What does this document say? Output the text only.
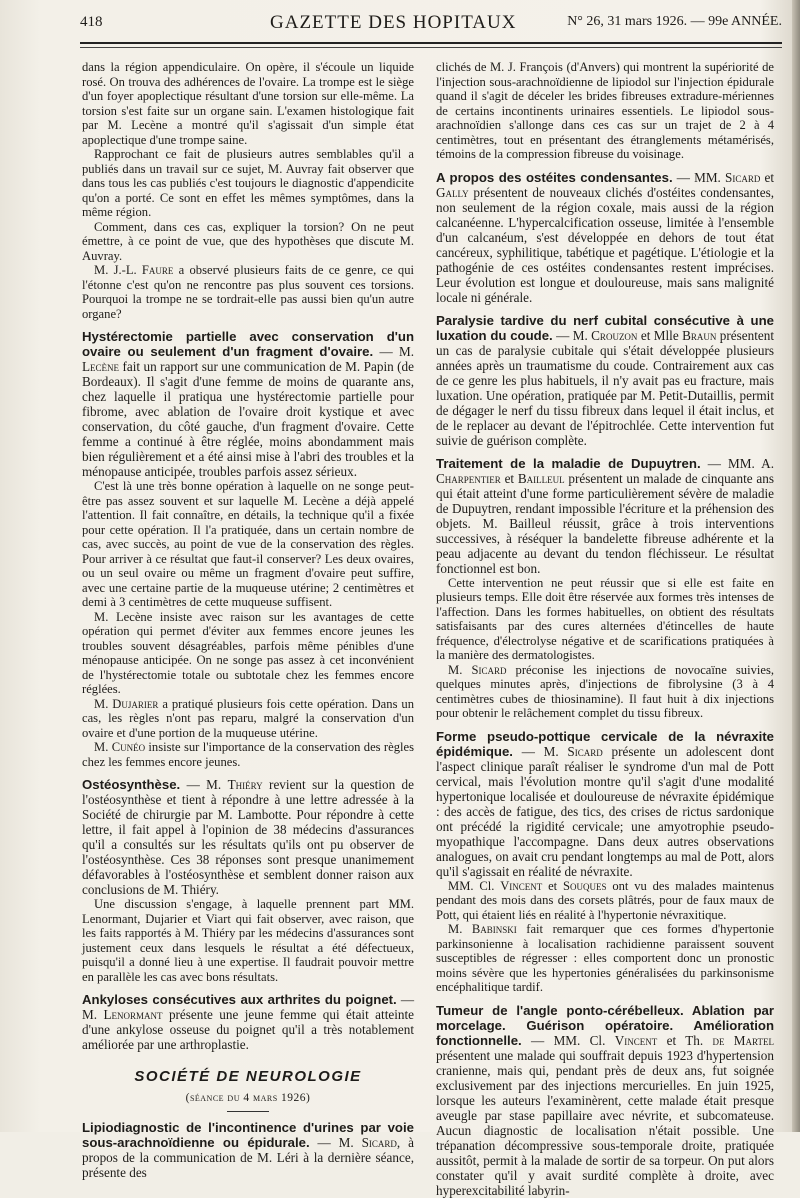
418	GAZETTE DES HOPITAUX	N° 26, 31 mars 1926. — 99e ANNÉE.

dans la région appendiculaire. On opère, il s'écoule un liquide rosé. On trouva des adhérences de l'ovaire. La trompe est le siège d'un foyer apoplectique résultant d'une torsion sur elle-même. La torsion s'est faite sur un organe sain. L'examen histologique fait par M. Lecène a montré qu'il s'agissait d'un simple état apoplectique d'une trompe saine.

Rapprochant ce fait de plusieurs autres semblables qu'il a publiés dans un travail sur ce sujet, M. Auvray fait observer que dans tous les cas publiés c'est toujours le diagnostic d'appendicite qu'on a porté. Ce sont en effet les mêmes symptômes, dans la même région.

Comment, dans ces cas, expliquer la torsion? On ne peut émettre, à ce point de vue, que des hypothèses que discute M. Auvray.

M. J.-L. Faure a observé plusieurs faits de ce genre, ce qui l'étonne c'est qu'on ne rencontre pas plus souvent ces torsions. Pourquoi la trompe ne se tordrait-elle pas aussi bien qu'un autre organe?

Hystérectomie partielle avec conservation d'un ovaire ou seulement d'un fragment d'ovaire. — M. Lecène fait un rapport sur une communication de M. Papin (de Bordeaux). Il s'agit d'une femme de moins de quarante ans, chez laquelle il pratiqua une hystérectomie partielle pour fibrome, avec ablation de l'ovaire droit kystique et avec conservation, du côté gauche, d'un fragment d'ovaire. Cette femme a continué à être réglée, moins abondamment mais bien régulièrement et a été ainsi mise à l'abri des troubles et la ménopause anticipée, troubles parfois assez sérieux.

C'est là une très bonne opération à laquelle on ne songe peut-être pas assez souvent et sur laquelle M. Lecène a déjà appelé l'attention. Il fait connaître, en détails, la technique qu'il a fixée pour cette opération. Il l'a pratiquée, dans un certain nombre de cas, avec succès, au point de vue de la conservation des règles. Pour arriver à ce résultat que faut-il conserver? Les deux ovaires, ou un seul ovaire ou même un fragment d'ovaire peut suffire, avec une certaine partie de la muqueuse utérine; 2 centimètres et demi à 3 centimètres de cette muqueuse suffisent.

M. Lecène insiste avec raison sur les avantages de cette opération qui permet d'éviter aux femmes encore jeunes les troubles souvent désagréables, parfois même pénibles d'une ménopause anticipée. On ne songe pas assez à cet inconvénient de l'hystérectomie totale ou subtotale chez les femmes encore réglées.

M. Dujarier a pratiqué plusieurs fois cette opération. Dans un cas, les règles n'ont pas reparu, malgré la conservation d'un ovaire et d'une portion de la muqueuse utérine.

M. Cunéo insiste sur l'importance de la conservation des règles chez les femmes encore jeunes.

Ostéosynthèse. — M. Thiéry revient sur la question de l'ostéosynthèse et tient à répondre à une lettre adressée à la Société de chirurgie par M. Lambotte. Pour répondre à cette lettre, il fait appel à l'opinion de 38 médecins d'assurances qu'il a consultés sur les résultats qu'ils ont pu observer de l'ostéosynthèse. Ces 38 réponses sont presque unanimement défavorables à l'ostéosynthèse et semblent donner raison aux conclusions de M. Thiéry.

Une discussion s'engage, à laquelle prennent part MM. Lenormant, Dujarier et Viart qui fait observer, avec raison, que les faits rapportés à M. Thiéry par les médecins d'assurances sont justement ceux dans lesquels le résultat a été défectueux, puisqu'il a donné lieu à une expertise. Il faudrait pouvoir mettre en parallèle les cas avec bons résultats.

Ankyloses consécutives aux arthrites du poignet. — M. Lenormant présente une jeune femme qui était atteinte d'une ankylose osseuse du poignet qu'il a très notablement améliorée par une arthroplastie.
SOCIÉTÉ DE NEUROLOGIE
(séance du 4 mars 1926)
Lipiodiagnostic de l'incontinence d'urines par voie sous-arachnoïdienne ou épidurale. — M. Sicard, à propos de la communication de M. Léri à la dernière séance, présente des

clichés de M. J. François (d'Anvers) qui montrent la supériorité de l'injection sous-arachnoïdienne de lipiodol sur l'injection épidurale quand il s'agit de déceler les brides fibreuses extradure-mériennes de certains incontinents urinaires essentiels. Le lipiodol sous-arachnoïdien s'allonge dans ces cas sur un trajet de 2 à 4 centimètres, tout en présentant des étranglements métamérisés, témoins de la compression fibreuse du voisinage.

A propos des ostéites condensantes. — MM. Sicard et Gally présentent de nouveaux clichés d'ostéites condensantes, non seulement de la région coxale, mais aussi de la région calcanéenne. L'hypercalcification osseuse, limitée à l'ensemble d'un calcanéum, s'est développée en dehors de tout état cancéreux, syphilitique, tabétique et pagétique. L'étiologie et la pathogénie de ces ostéites condensantes restent imprécises. Leur évolution est longue et douloureuse, mais sans malignité locale ni générale.
Paralysie tardive du nerf cubital consécutive à une luxation du coude. — M. Crouzon et Mlle Braun présentent un cas de paralysie cubitale qui s'était développée plusieurs années après un traumatisme du coude. Contrairement aux cas de ce genre les plus habituels, il n'y avait pas eu fracture, mais luxation. Une opération, pratiquée par M. Petit-Dutaillis, permit de dégager le nerf du tissu fibreux dans lequel il était inclus, et de le replacer au devant de l'épitrochlée. Cette intervention fut suivie de guérison complète.
Traitement de la maladie de Dupuytren. — MM. A. Charpentier et Bailleul présentent un malade de cinquante ans qui était atteint d'une forme particulièrement sévère de maladie de Dupuytren, rendant impossible l'écriture et la préhension des objets. M. Bailleul réussit, grâce à trois interventions successives, à réséquer la bandelette fibreuse adhérente et la peau adjacente au devant du tendon fléchisseur. Le résultat fonctionnel est bon.

Cette intervention ne peut réussir que si elle est faite en plusieurs temps. Elle doit être réservée aux formes très intenses de l'affection. Dans les formes habituelles, on obtient des résultats satisfaisants par des cures alternées d'étincelles de haute fréquence, d'électrolyse négative et de scarifications pratiquées à la manière des dermatologistes.

M. Sicard préconise les injections de novocaïne suivies, quelques minutes après, d'injections de fibrolysine (3 à 4 centimètres cubes de thiosinamine). Il faut huit à dix injections pour obtenir le relâchement complet du tissu fibreux.

Forme pseudo-pottique cervicale de la névraxite épidémique. — M. Sicard présente un adolescent dont l'aspect clinique paraît réaliser le syndrome d'un mal de Pott cervical, mais l'évolution montre qu'il s'agit d'une modalité hypertonique localisée et douloureuse de névraxite épidémique : des accès de fatigue, des tics, des crises de rictus sardonique ont précédé la rigidité cervicale; une amyotrophie pseudo-myopathique l'accompagne. Dans deux autres observations analogues, on avait cru pendant longtemps au mal de Pott, alors qu'il s'agissait en réalité de névraxite.

MM. Cl. Vincent et Souques ont vu des malades maintenus pendant des mois dans des corsets plâtrés, pour de faux maux de Pott, qui étaient liés en réalité à l'hypertonie névraxitique.

M. Babinski fait remarquer que ces formes d'hypertonie parkinsonienne à localisation rachidienne paraissent souvent susceptibles de régresser : elles comportent donc un pronostic moins sévère que les hypertonies généralisées du parkinsonisme encéphalitique tardif.

Tumeur de l'angle ponto-cérébelleux. Ablation par morcelage. Guérison opératoire. Amélioration fonctionnelle. — MM. Cl. Vincent et Th. de Martel présentent une malade qui souffrait depuis 1923 d'hypertension cranienne, mais qui, pendant près de deux ans, fut soignée exclusivement par des injections mercurielles. En juin 1925, lorsque les auteurs l'examinèrent, cette malade était presque aveugle par stase papillaire avec névrite, et subcomateuse. Aucun diagnostic de localisation n'était possible. Une trépanation décompressive sous-temporale droite, pratiquée aussitôt, permit à la malade de sortir de sa torpeur. On put alors constater qu'il y avait surdité complète à droite, avec hyperexcitabilité labyrin-
